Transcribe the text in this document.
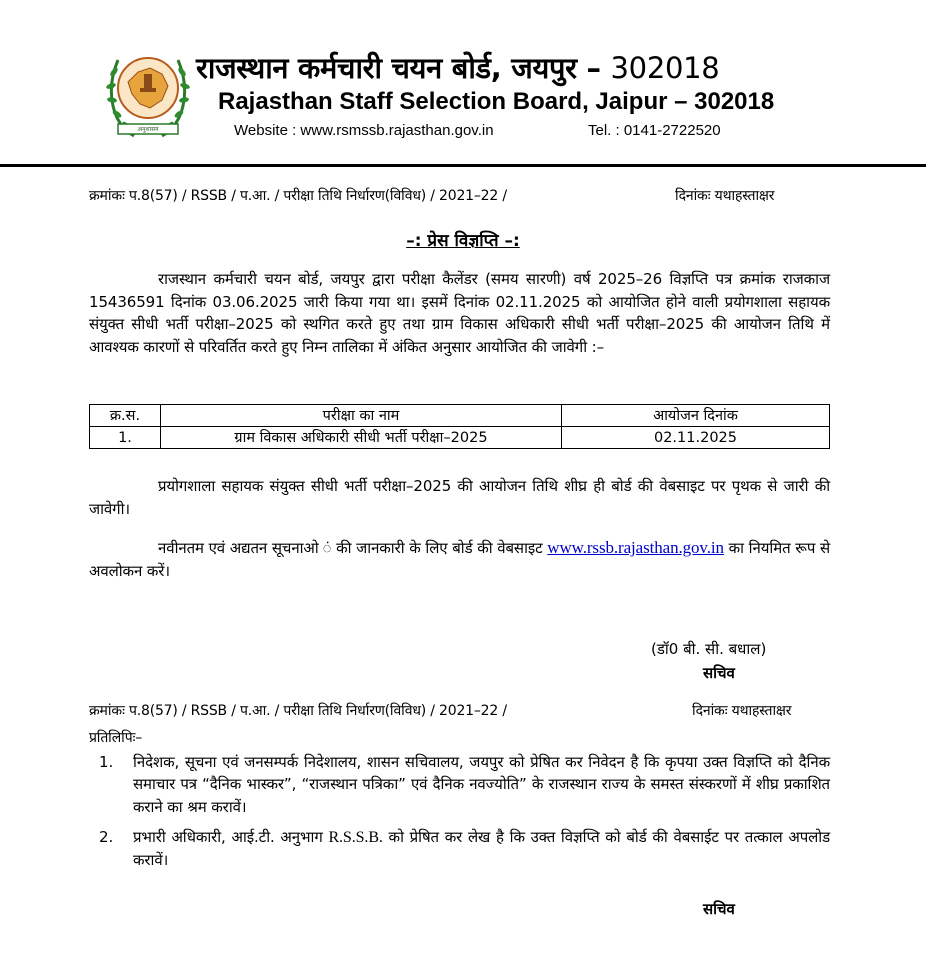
अनुशासन
राजस्थान कर्मचारी चयन बोर्ड, जयपुर – 302018
Rajasthan Staff Selection Board, Jaipur – 302018
Website : www.rsmssb.rajasthan.gov.in	Tel. : 0141-2722520
क्रमांकः प.8(57) / RSSB / प.आ. / परीक्षा तिथि निर्धारण(विविध) / 2021–22 /	दिनांकः यथाहस्ताक्षर
–: प्रेस विज्ञप्ति –:
राजस्थान कर्मचारी चयन बोर्ड, जयपुर द्वारा परीक्षा कैलेंडर (समय सारणी) वर्ष 2025–26 विज्ञप्ति पत्र क्रमांक राजकाज 15436591 दिनांक 03.06.2025 जारी किया गया था। इसमें दिनांक 02.11.2025 को आयोजित होने वाली प्रयोगशाला सहायक संयुक्त सीधी भर्ती परीक्षा–2025 को स्थगित करते हुए तथा ग्राम विकास अधिकारी सीधी भर्ती परीक्षा–2025 की आयोजन तिथि में आवश्यक कारणों से परिवर्तित करते हुए निम्न तालिका में अंकित अनुसार आयोजित की जावेगी :–
क्र.स.	परीक्षा का नाम	आयोजन दिनांक
1.	ग्राम विकास अधिकारी सीधी भर्ती परीक्षा–2025	02.11.2025
प्रयोगशाला सहायक संयुक्त सीधी भर्ती परीक्षा–2025 की आयोजन तिथि शीघ्र ही बोर्ड की वेबसाइट पर पृथक से जारी की जावेगी।
नवीनतम एवं अद्यतन सूचनाओ ं की जानकारी के लिए बोर्ड की वेबसाइट www.rssb.rajasthan.gov.in का नियमित रूप से अवलोकन करें।
(डॉ0 बी. सी. बधाल)
सचिव
क्रमांकः प.8(57) / RSSB / प.आ. / परीक्षा तिथि निर्धारण(विविध) / 2021–22 /	दिनांकः यथाहस्ताक्षर
प्रतिलिपिः–
1. निदेशक, सूचना एवं जनसम्पर्क निदेशालय, शासन सचिवालय, जयपुर को प्रेषित कर निवेदन है कि कृपया उक्त विज्ञप्ति को दैनिक समाचार पत्र “दैनिक भास्कर”, “राजस्थान पत्रिका” एवं दैनिक नवज्योति” के राजस्थान राज्य के समस्त संस्करणों में शीघ्र प्रकाशित कराने का श्रम करावें।
2. प्रभारी अधिकारी, आई.टी. अनुभाग R.S.S.B. को प्रेषित कर लेख है कि उक्त विज्ञप्ति को बोर्ड की वेबसाईट पर तत्काल अपलोड करावें।
सचिव
